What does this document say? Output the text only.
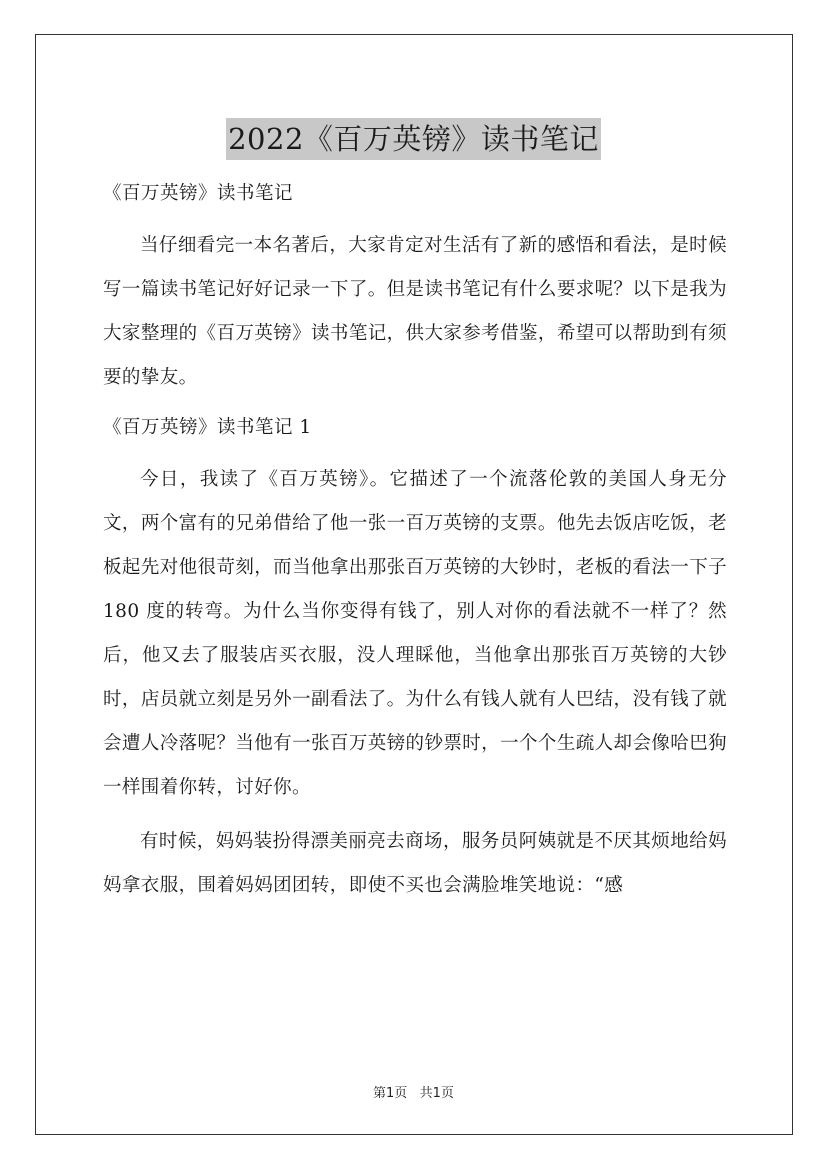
2022《百万英镑》读书笔记

《百万英镑》读书笔记

当仔细看完一本名著后，大家肯定对生活有了新的感悟和看法，是时候写一篇读书笔记好好记录一下了。但是读书笔记有什么要求呢？以下是我为大家整理的《百万英镑》读书笔记，供大家参考借鉴，希望可以帮助到有须要的挚友。

《百万英镑》读书笔记 1

今日，我读了《百万英镑》。它描述了一个流落伦敦的美国人身无分文，两个富有的兄弟借给了他一张一百万英镑的支票。他先去饭店吃饭，老板起先对他很苛刻，而当他拿出那张百万英镑的大钞时，老板的看法一下子 180 度的转弯。为什么当你变得有钱了，别人对你的看法就不一样了？然后，他又去了服装店买衣服，没人理睬他，当他拿出那张百万英镑的大钞时，店员就立刻是另外一副看法了。为什么有钱人就有人巴结，没有钱了就会遭人冷落呢？当他有一张百万英镑的钞票时，一个个生疏人却会像哈巴狗一样围着你转，讨好你。

有时候，妈妈装扮得漂美丽亮去商场，服务员阿姨就是不厌其烦地给妈妈拿衣服，围着妈妈团团转，即使不买也会满脸堆笑地说：“感

第1页   共1页
